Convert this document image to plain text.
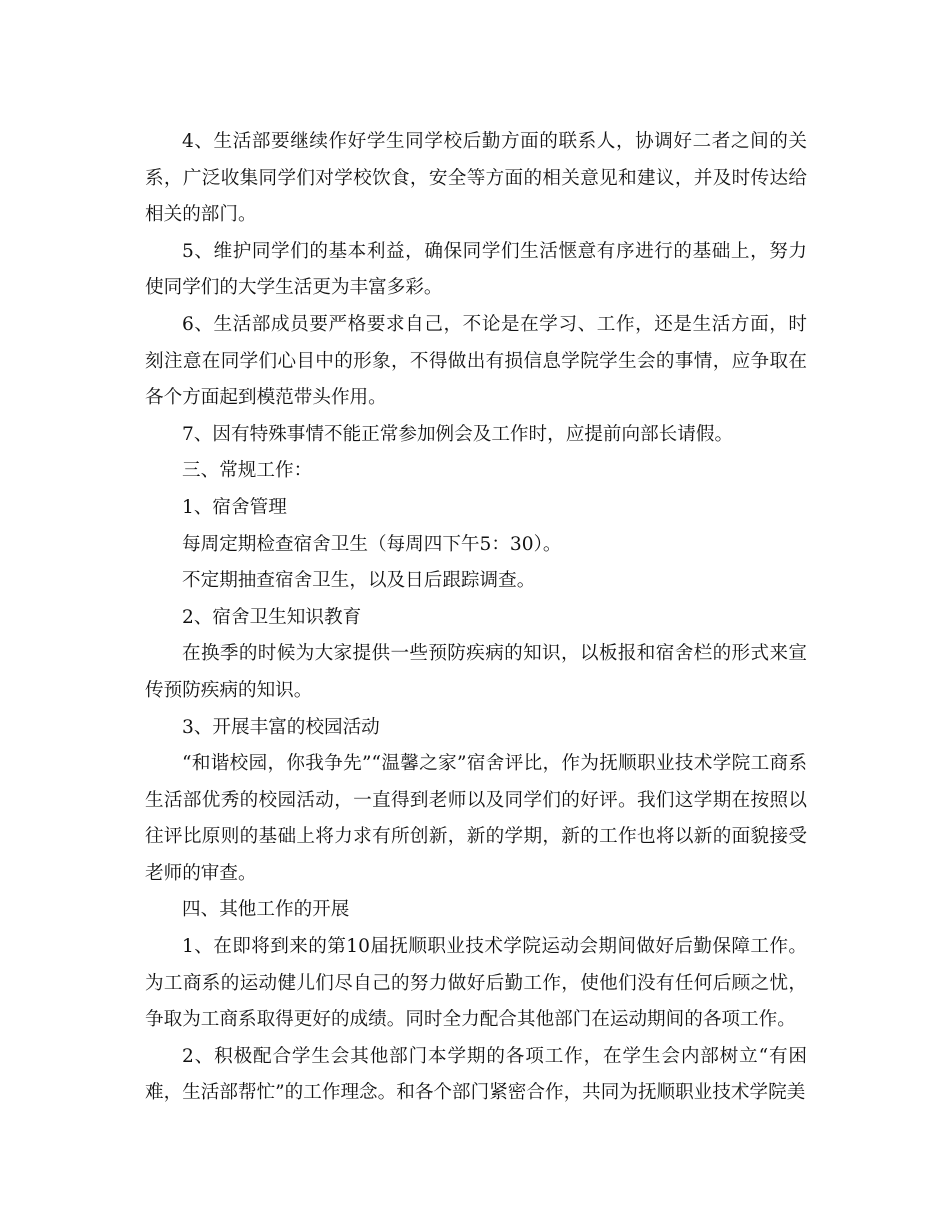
4、生活部要继续作好学生同学校后勤方面的联系人，协调好二者之间的关系，广泛收集同学们对学校饮食，安全等方面的相关意见和建议，并及时传达给相关的部门。

5、维护同学们的基本利益，确保同学们生活惬意有序进行的基础上，努力使同学们的大学生活更为丰富多彩。

6、生活部成员要严格要求自己，不论是在学习、工作，还是生活方面，时刻注意在同学们心目中的形象，不得做出有损信息学院学生会的事情，应争取在各个方面起到模范带头作用。

7、因有特殊事情不能正常参加例会及工作时，应提前向部长请假。

三、常规工作：

1、宿舍管理

每周定期检查宿舍卫生（每周四下午5：30）。

不定期抽查宿舍卫生，以及日后跟踪调查。

2、宿舍卫生知识教育

在换季的时候为大家提供一些预防疾病的知识，以板报和宿舍栏的形式来宣传预防疾病的知识。

3、开展丰富的校园活动

“和谐校园，你我争先”“温馨之家”宿舍评比，作为抚顺职业技术学院工商系生活部优秀的校园活动，一直得到老师以及同学们的好评。我们这学期在按照以往评比原则的基础上将力求有所创新，新的学期，新的工作也将以新的面貌接受老师的审查。

四、其他工作的开展

1、在即将到来的第10届抚顺职业技术学院运动会期间做好后勤保障工作。为工商系的运动健儿们尽自己的努力做好后勤工作，使他们没有任何后顾之忧，争取为工商系取得更好的成绩。同时全力配合其他部门在运动期间的各项工作。

2、积极配合学生会其他部门本学期的各项工作，在学生会内部树立“有困难，生活部帮忙”的工作理念。和各个部门紧密合作，共同为抚顺职业技术学院美
